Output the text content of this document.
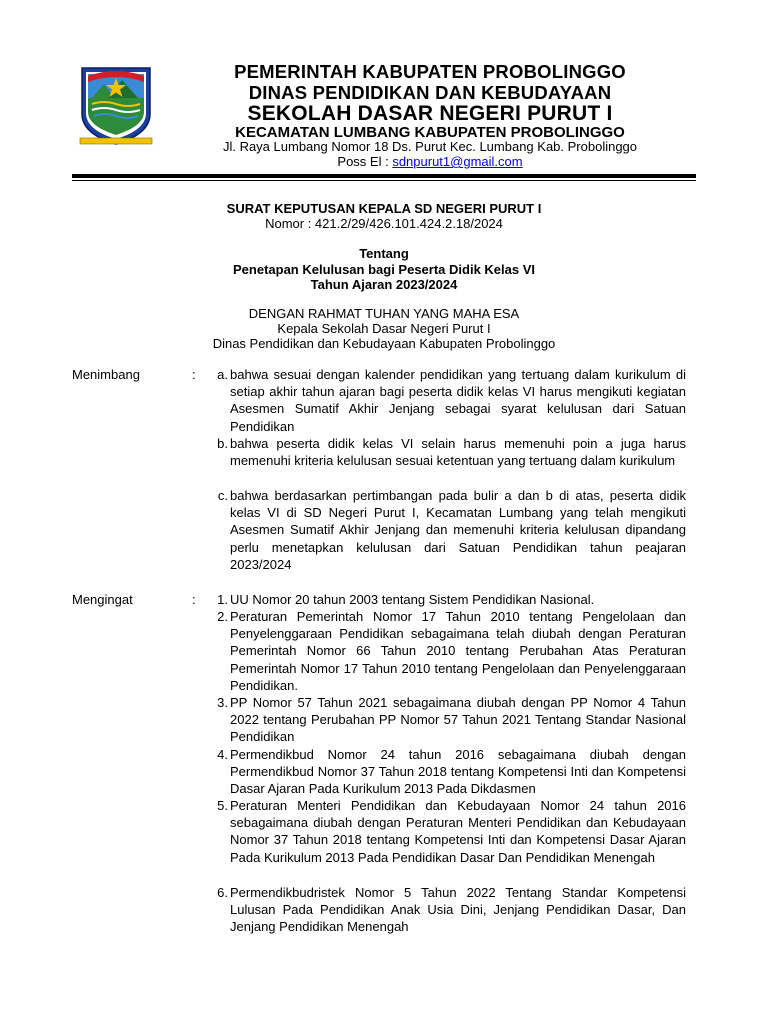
PEMERINTAH KABUPATEN PROBOLINGGO
DINAS PENDIDIKAN DAN KEBUDAYAAN
SEKOLAH DASAR NEGERI PURUT I
KECAMATAN LUMBANG KABUPATEN PROBOLINGGO
Jl. Raya Lumbang Nomor 18 Ds. Purut Kec. Lumbang Kab. Probolinggo
Poss El : sdnpurut1@gmail.com
SURAT KEPUTUSAN KEPALA SD NEGERI PURUT I
Nomor : 421.2/29/426.101.424.2.18/2024
Tentang
Penetapan Kelulusan bagi Peserta Didik Kelas VI
Tahun Ajaran 2023/2024
DENGAN RAHMAT TUHAN YANG MAHA ESA
Kepala Sekolah Dasar Negeri Purut I
Dinas Pendidikan dan Kebudayaan Kabupaten Probolinggo
Menimbang	:	a. bahwa sesuai dengan kalender pendidikan yang tertuang dalam kurikulum di setiap akhir tahun ajaran bagi peserta didik kelas VI harus mengikuti kegiatan Asesmen Sumatif Akhir Jenjang sebagai syarat kelulusan dari Satuan Pendidikan
b. bahwa peserta didik kelas VI selain harus memenuhi poin a juga harus memenuhi kriteria kelulusan sesuai ketentuan yang tertuang dalam kurikulum
c. bahwa berdasarkan pertimbangan pada bulir a dan b di atas, peserta didik kelas VI di SD Negeri Purut I, Kecamatan Lumbang yang telah mengikuti Asesmen Sumatif Akhir Jenjang dan memenuhi kriteria kelulusan dipandang perlu menetapkan kelulusan dari Satuan Pendidikan tahun peajaran 2023/2024
Mengingat	:	1. UU Nomor 20 tahun 2003 tentang Sistem Pendidikan Nasional.
2. Peraturan Pemerintah Nomor 17 Tahun 2010 tentang Pengelolaan dan Penyelenggaraan Pendidikan sebagaimana telah diubah dengan Peraturan Pemerintah Nomor 66 Tahun 2010 tentang Perubahan Atas Peraturan Pemerintah Nomor 17 Tahun 2010 tentang Pengelolaan dan Penyelenggaraan Pendidikan.
3. PP Nomor 57 Tahun 2021 sebagaimana diubah dengan PP Nomor 4 Tahun 2022 tentang Perubahan PP Nomor 57 Tahun 2021 Tentang Standar Nasional Pendidikan
4. Permendikbud Nomor 24 tahun 2016 sebagaimana diubah dengan Permendikbud Nomor 37 Tahun 2018 tentang Kompetensi Inti dan Kompetensi Dasar Ajaran Pada Kurikulum 2013 Pada Dikdasmen
5. Peraturan Menteri Pendidikan dan Kebudayaan Nomor 24 tahun 2016 sebagaimana diubah dengan Peraturan Menteri Pendidikan dan Kebudayaan Nomor 37 Tahun 2018 tentang Kompetensi Inti dan Kompetensi Dasar Ajaran Pada Kurikulum 2013 Pada Pendidikan Dasar Dan Pendidikan Menengah
6. Permendikbudristek Nomor 5 Tahun 2022 Tentang Standar Kompetensi Lulusan Pada Pendidikan Anak Usia Dini, Jenjang Pendidikan Dasar, Dan Jenjang Pendidikan Menengah
